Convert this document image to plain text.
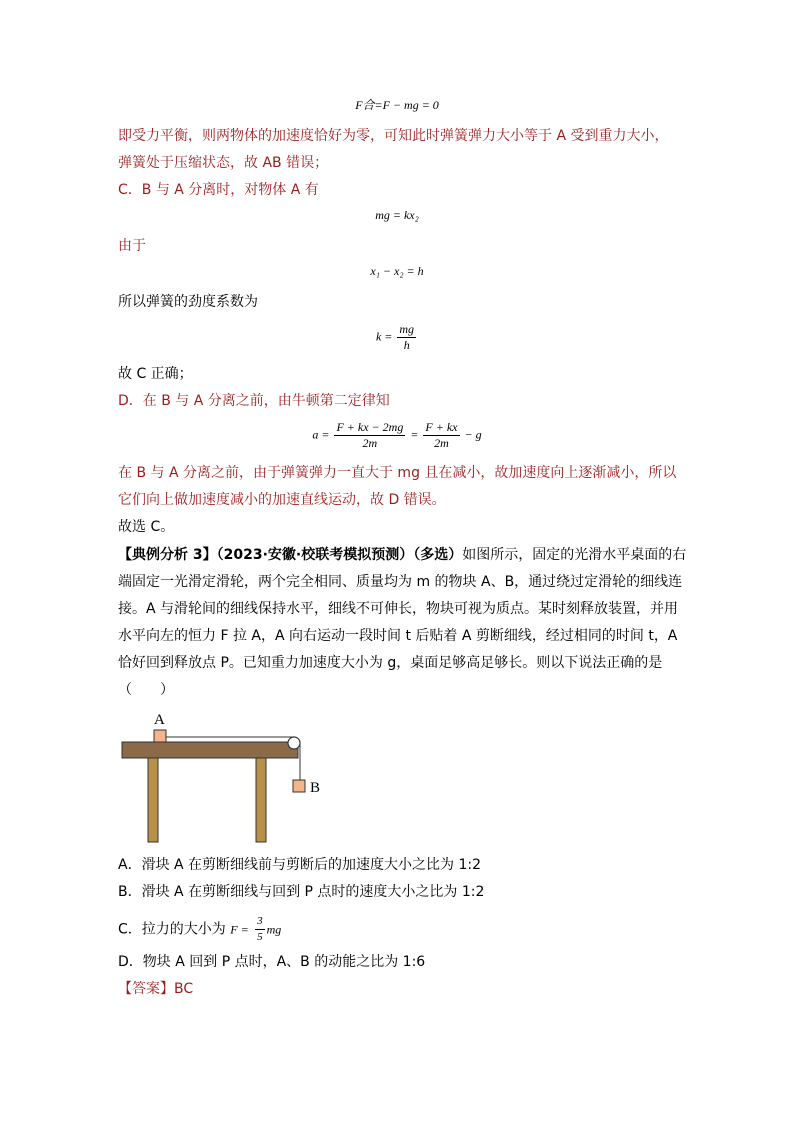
F合=F − mg = 0
即受力平衡，则两物体的加速度恰好为零，可知此时弹簧弹力大小等于 A 受到重力大小，
弹簧处于压缩状态，故 AB 错误；
C．B 与 A 分离时，对物体 A 有
mg = kx₂
由于
x₁ − x₂ = h
所以弹簧的劲度系数为
$k = \frac{mg}{h}$
故 C 正确；
D．在 B 与 A 分离之前，由牛顿第二定律知
$a = \frac{F + kx - 2mg}{2m} = \frac{F + kx}{2m} - g$
在 B 与 A 分离之前，由于弹簧弹力一直大于 mg 且在减小，故加速度向上逐渐减小，所以
它们向上做加速度减小的加速直线运动，故 D 错误。
故选 C。
【典例分析 3】（2023·安徽·校联考模拟预测）（多选）如图所示，固定的光滑水平桌面的右
端固定一光滑定滑轮，两个完全相同、质量均为 m 的物块 A、B，通过绕过定滑轮的细线连
接。A 与滑轮间的细线保持水平，细线不可伸长，物块可视为质点。某时刻释放装置，并用
水平向左的恒力 F 拉 A，A 向右运动一段时间 t 后贴着 A 剪断细线，经过相同的时间 t，A
恰好回到释放点 P。已知重力加速度大小为 g，桌面足够高足够长。则以下说法正确的是
（　　）
A
B
A．滑块 A 在剪断细线前与剪断后的加速度大小之比为 1:2
B．滑块 A 在剪断细线与回到 P 点时的速度大小之比为 1:2
C．拉力的大小为 $F = \frac{3}{5}$ mg
D．物块 A 回到 P 点时，A、B 的动能之比为 1:6
【答案】BC
